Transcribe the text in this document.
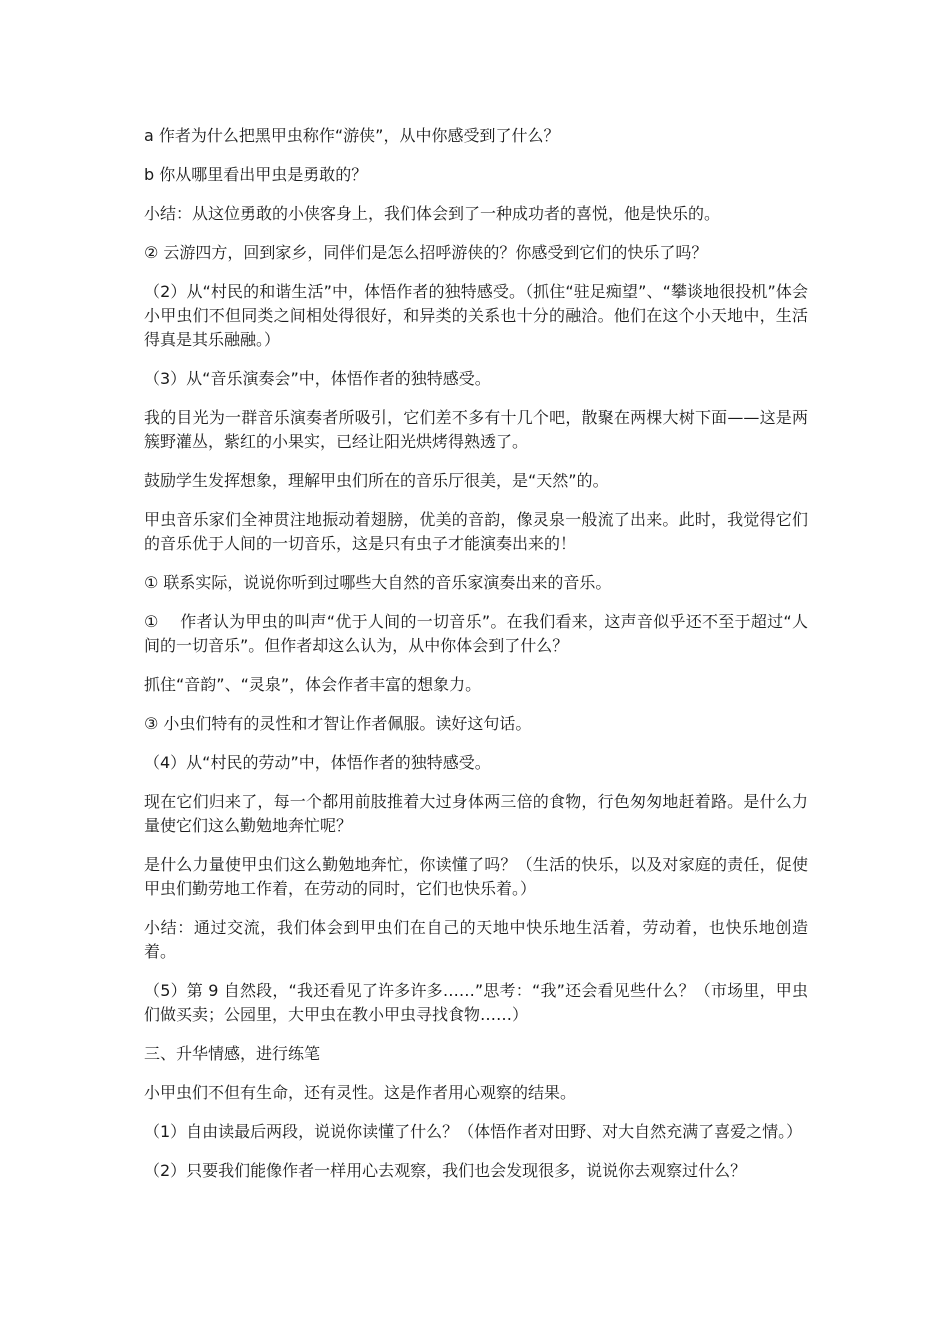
a 作者为什么把黑甲虫称作“游侠”，从中你感受到了什么？

b 你从哪里看出甲虫是勇敢的？

小结：从这位勇敢的小侠客身上，我们体会到了一种成功者的喜悦，他是快乐的。

② 云游四方，回到家乡，同伴们是怎么招呼游侠的？你感受到它们的快乐了吗？

（2）从“村民的和谐生活”中，体悟作者的独特感受。（抓住“驻足痴望”、“攀谈地很投机”体会小甲虫们不但同类之间相处得很好，和异类的关系也十分的融洽。他们在这个小天地中，生活得真是其乐融融。）

（3）从“音乐演奏会”中，体悟作者的独特感受。

我的目光为一群音乐演奏者所吸引，它们差不多有十几个吧，散聚在两棵大树下面——这是两簇野灌丛，紫红的小果实，已经让阳光烘烤得熟透了。

鼓励学生发挥想象，理解甲虫们所在的音乐厅很美，是“天然”的。

甲虫音乐家们全神贯注地振动着翅膀，优美的音韵，像灵泉一般流了出来。此时，我觉得它们的音乐优于人间的一切音乐，这是只有虫子才能演奏出来的！

① 联系实际，说说你听到过哪些大自然的音乐家演奏出来的音乐。

①　 作者认为甲虫的叫声“优于人间的一切音乐”。在我们看来，这声音似乎还不至于超过“人间的一切音乐”。但作者却这么认为，从中你体会到了什么？

抓住“音韵”、“灵泉”，体会作者丰富的想象力。

③ 小虫们特有的灵性和才智让作者佩服。读好这句话。

（4）从“村民的劳动”中，体悟作者的独特感受。

现在它们归来了，每一个都用前肢推着大过身体两三倍的食物，行色匆匆地赶着路。是什么力量使它们这么勤勉地奔忙呢？

是什么力量使甲虫们这么勤勉地奔忙，你读懂了吗？（生活的快乐，以及对家庭的责任，促使甲虫们勤劳地工作着，在劳动的同时，它们也快乐着。）

小结：通过交流，我们体会到甲虫们在自己的天地中快乐地生活着，劳动着，也快乐地创造着。

（5）第 9 自然段，“我还看见了许多许多……”思考：“我”还会看见些什么？（市场里，甲虫们做买卖；公园里，大甲虫在教小甲虫寻找食物……）

三、升华情感，进行练笔

小甲虫们不但有生命，还有灵性。这是作者用心观察的结果。

（1）自由读最后两段，说说你读懂了什么？（体悟作者对田野、对大自然充满了喜爱之情。）

（2）只要我们能像作者一样用心去观察，我们也会发现很多，说说你去观察过什么？
